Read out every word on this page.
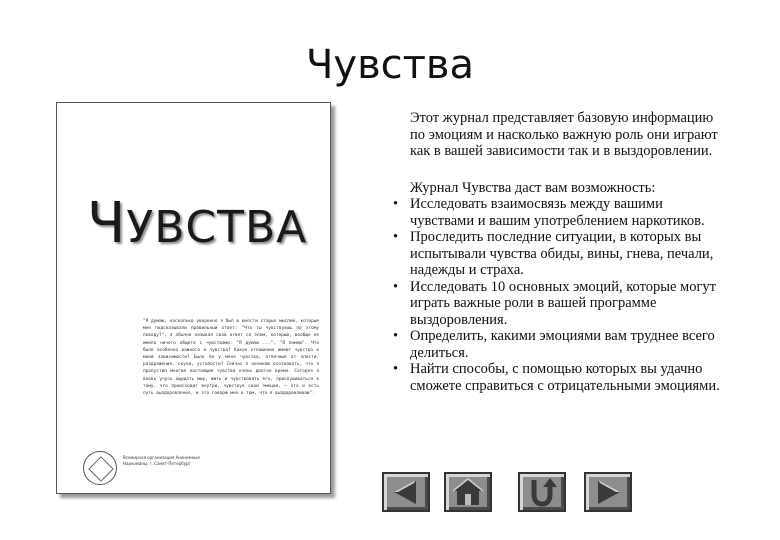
Чувства
ЧУВСТВА
"Я думаю, насколько уверенно я был в юности старых мыслей, которые мне подсказывали правильный ответ: "Что ты чувствуешь по этому поводу?", я обычно называл свой ответ со злом, который, вообще не имела ничего общего с чувствами: "Я думаю ...", "Я помню". Что было особенно важного и чувства? Какое отношение имеют чувства к моей зависимости? Было ли у меня чувства, отличные от злости, раздражения, скуки, усталости? Сейчас я начинаю осознавать, что я пропустил многие настоящие чувства очень долгое время. Сегодня я вновь учусь ощущать мир, жить и чувствовать его, прислушиваться к тому, что происходит внутри, чувствуя свои эмоции, — это и есть путь выздоровления, и это говорю мне о том, что я выздоравливаю".
Всемирная организация Анонимные Наркоманы, г. Санкт-Петербург

Этот журнал представляет базовую информацию по эмоциям и насколько важную роль они играют как в вашей зависимости так и в выздоровлении.

Журнал Чувства даст вам возможность:

• Исследовать взаимосвязь между вашими чувствами и вашим употреблением наркотиков.
• Проследить последние ситуации, в которых вы испытывали чувства обиды, вины, гнева, печали, надежды и страха.
• Исследовать 10 основных эмоций, которые могут играть важные роли в вашей программе выздоровления.
• Определить, какими эмоциями вам труднее всего делиться.
• Найти способы, с помощью которых вы удачно сможете справиться с отрицательными эмоциями.
